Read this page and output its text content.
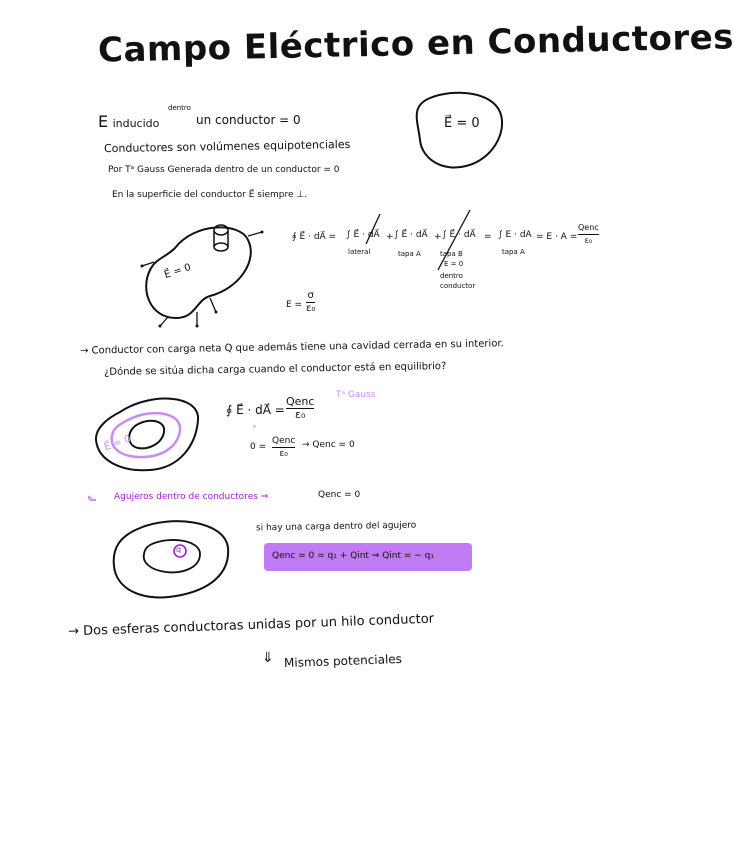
Campo Eléctrico en Conductores
E inducido
dentro
un conductor = 0	E⃗ = 0
Conductores son volúmenes equipotenciales
Por Tᵃ Gauss Generada dentro de un conductor = 0
En la superficie del conductor E⃗ siempre ⊥.
∮ E⃗ · dA⃗ = ∫ E⃗ · dA⃗
lateral
+ ∫ E⃗ · dA⃗
tapa A
+ ∫ E⃗ · dA⃗
tapa B
= ∫ E · dA
tapa A
= E · A =
Qenc
ε₀
E = 0
dentro
conductor
E⃗ = 0
E =
σ
ε₀
→ Conductor con carga neta Q que además tiene una cavidad cerrada en su interior.
¿Dónde se sitúa dicha carga cuando el conductor está en equilibrio?
E⃗ = 0
∮ E⃗ · dA⃗ =
Qenc
ε₀
Tᵃ Gauss
"
0 =
Qenc
ε₀
→ Qenc = 0
▸ Agujeros dentro de conductores ⇒	Qenc = 0
q
si hay una carga dentro del agujero
Qenc = 0 = q₁ + Qint ⇒ Qint = − q₁
→ Dos esferas conductoras unidas por un hilo conductor
⇓ Mismos potenciales
